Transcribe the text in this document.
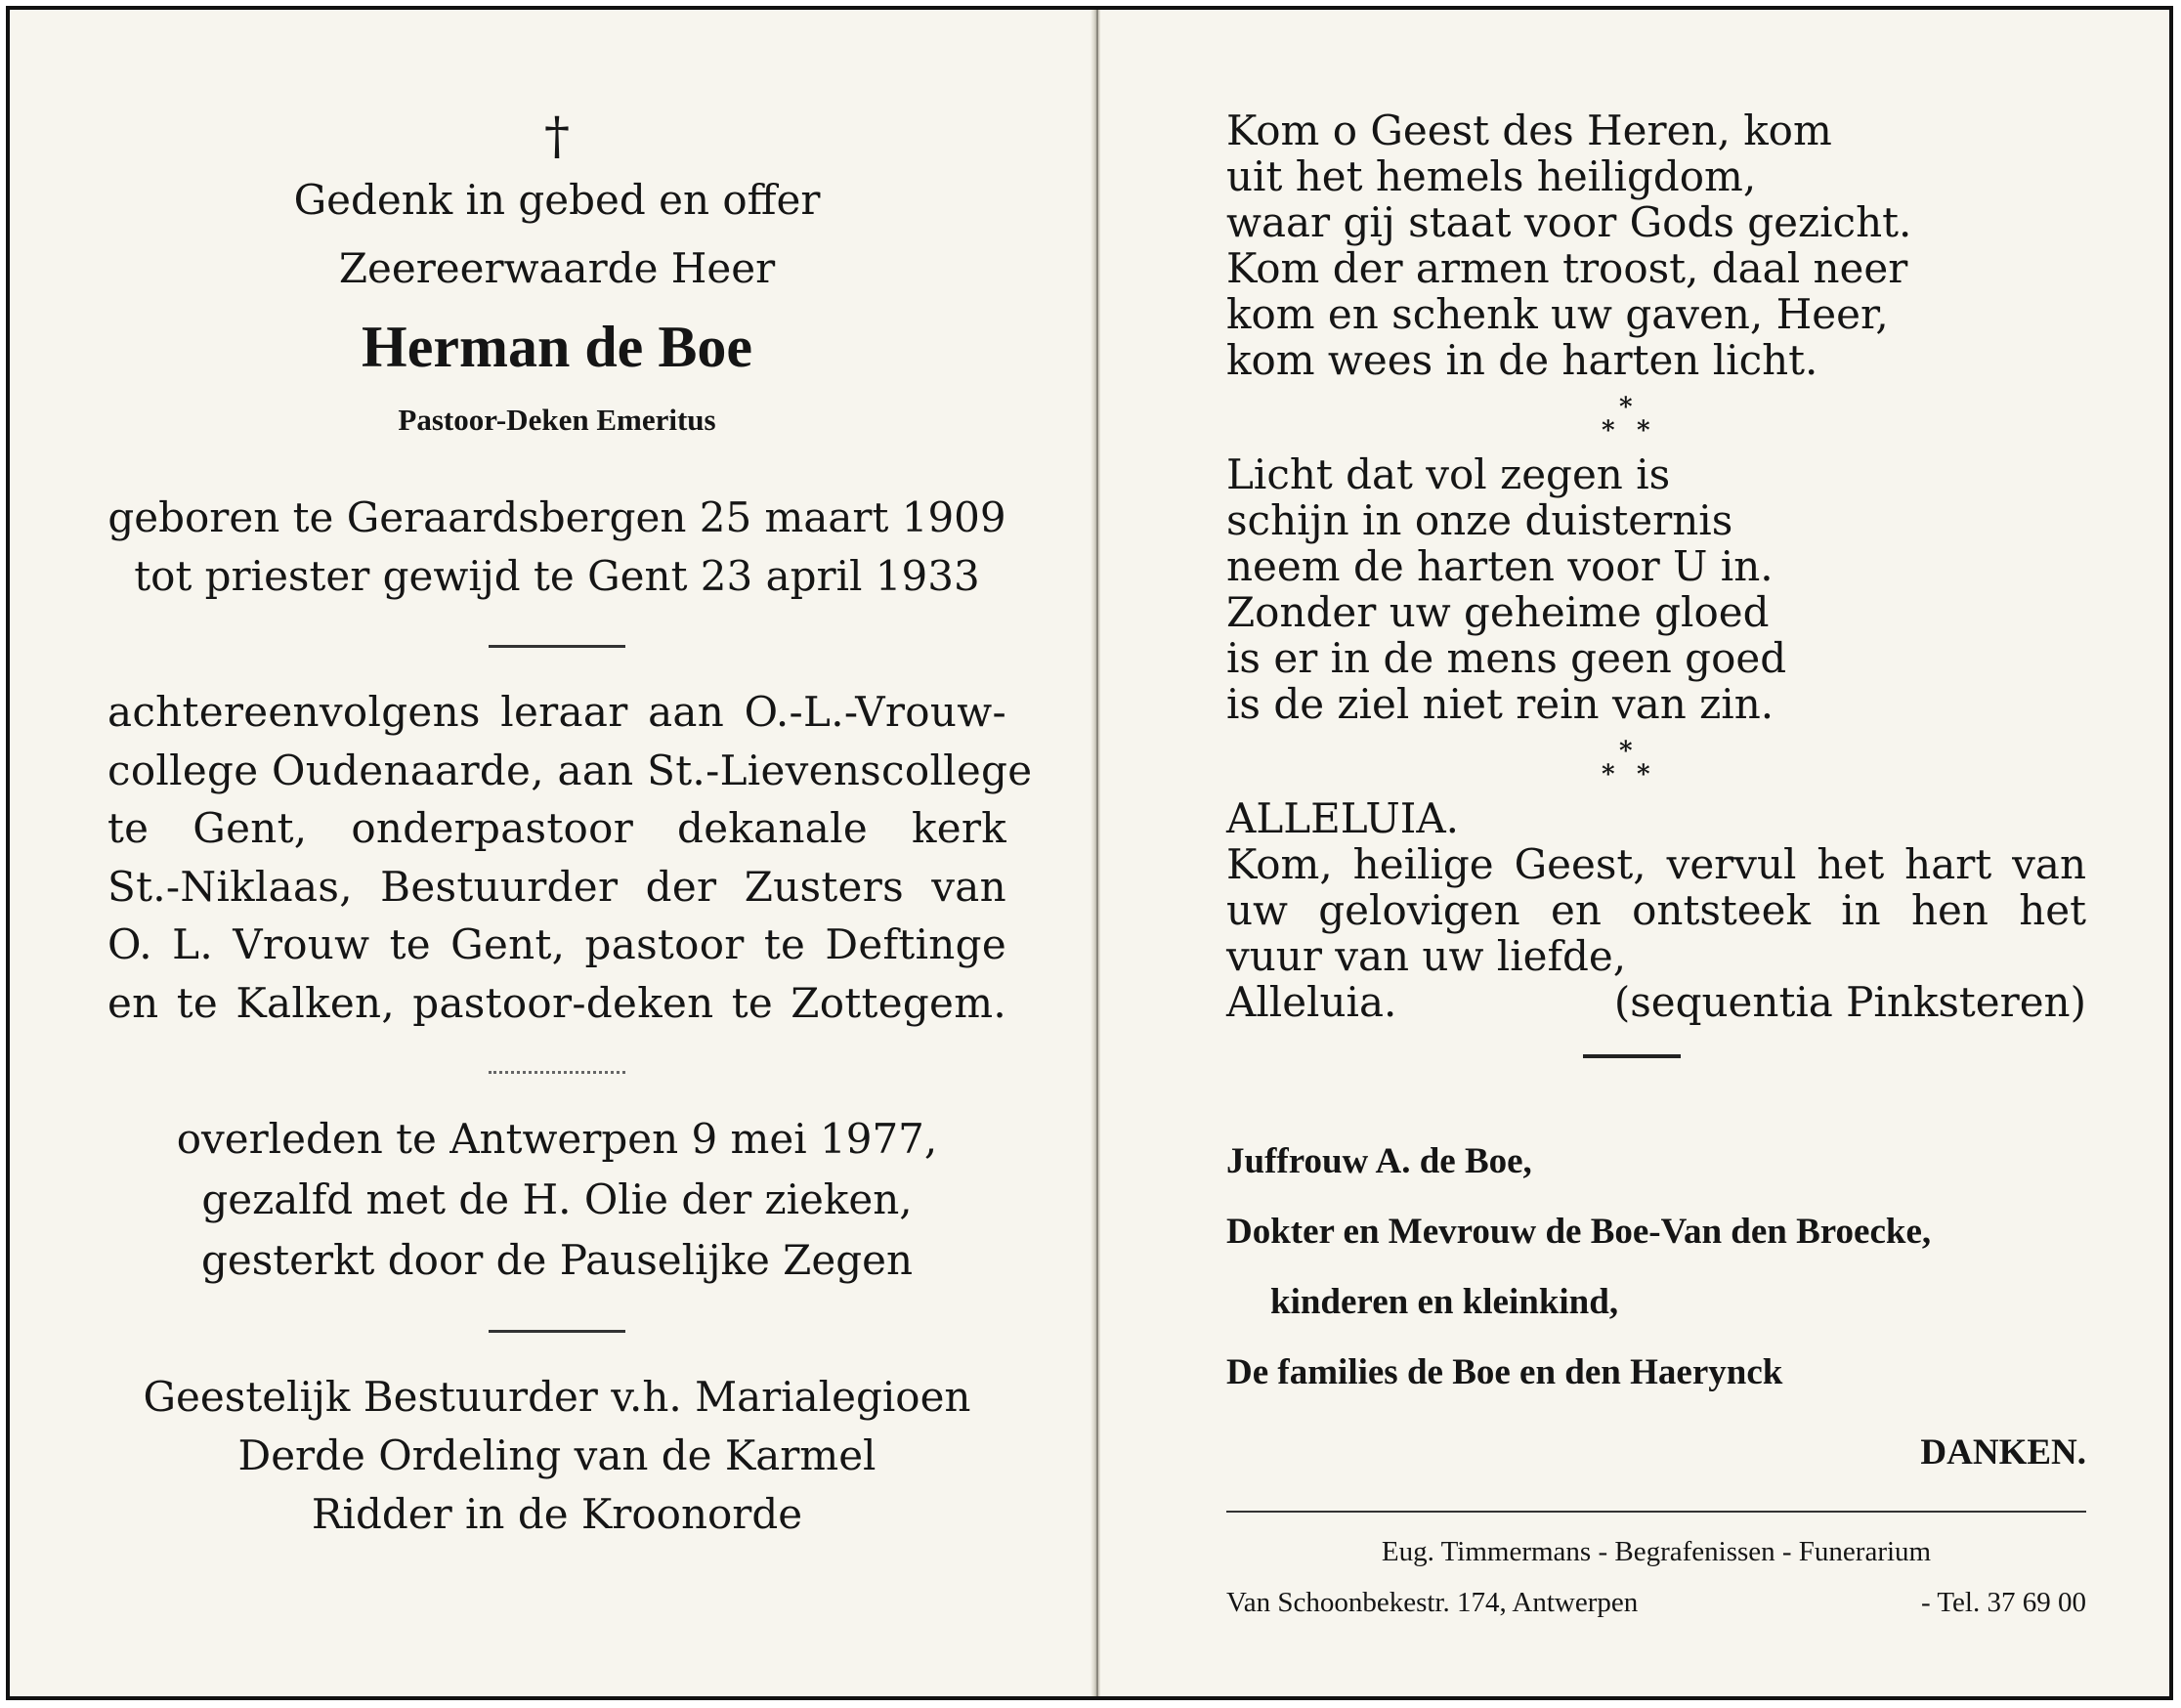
†
Gedenk in gebed en offer
Zeereerwaarde Heer
Herman de Boe
Pastoor-Deken Emeritus
geboren te Geraardsbergen 25 maart 1909
tot priester gewijd te Gent 23 april 1933
achtereenvolgens leraar aan O.-L.-Vrouw-
college Oudenaarde, aan St.-Lievenscollege
te Gent, onderpastoor dekanale kerk
St.-Niklaas, Bestuurder der Zusters van
O. L. Vrouw te Gent, pastoor te Deftinge
en te Kalken, pastoor-deken te Zottegem.
overleden te Antwerpen 9 mei 1977,
gezalfd met de H. Olie der zieken,
gesterkt door de Pauselijke Zegen
Geestelijk Bestuurder v.h. Marialegioen
Derde Ordeling van de Karmel
Ridder in de Kroonorde
Kom o Geest des Heren, kom
uit het hemels heiligdom,
waar gij staat voor Gods gezicht.
Kom der armen troost, daal neer
kom en schenk uw gaven, Heer,
kom wees in de harten licht.
*
* *
Licht dat vol zegen is
schijn in onze duisternis
neem de harten voor U in.
Zonder uw geheime gloed
is er in de mens geen goed
is de ziel niet rein van zin.
*
* *
ALLELUIA.
Kom, heilige Geest, vervul het hart van
uw gelovigen en ontsteek in hen het
vuur van uw liefde,
Alleluia.	(sequentia Pinksteren)
Juffrouw A. de Boe,
Dokter en Mevrouw de Boe-Van den Broecke,
kinderen en kleinkind,
De families de Boe en den Haerynck
DANKEN.
Eug. Timmermans - Begrafenissen - Funerarium
Van Schoonbekestr. 174, Antwerpen	- Tel. 37 69 00
